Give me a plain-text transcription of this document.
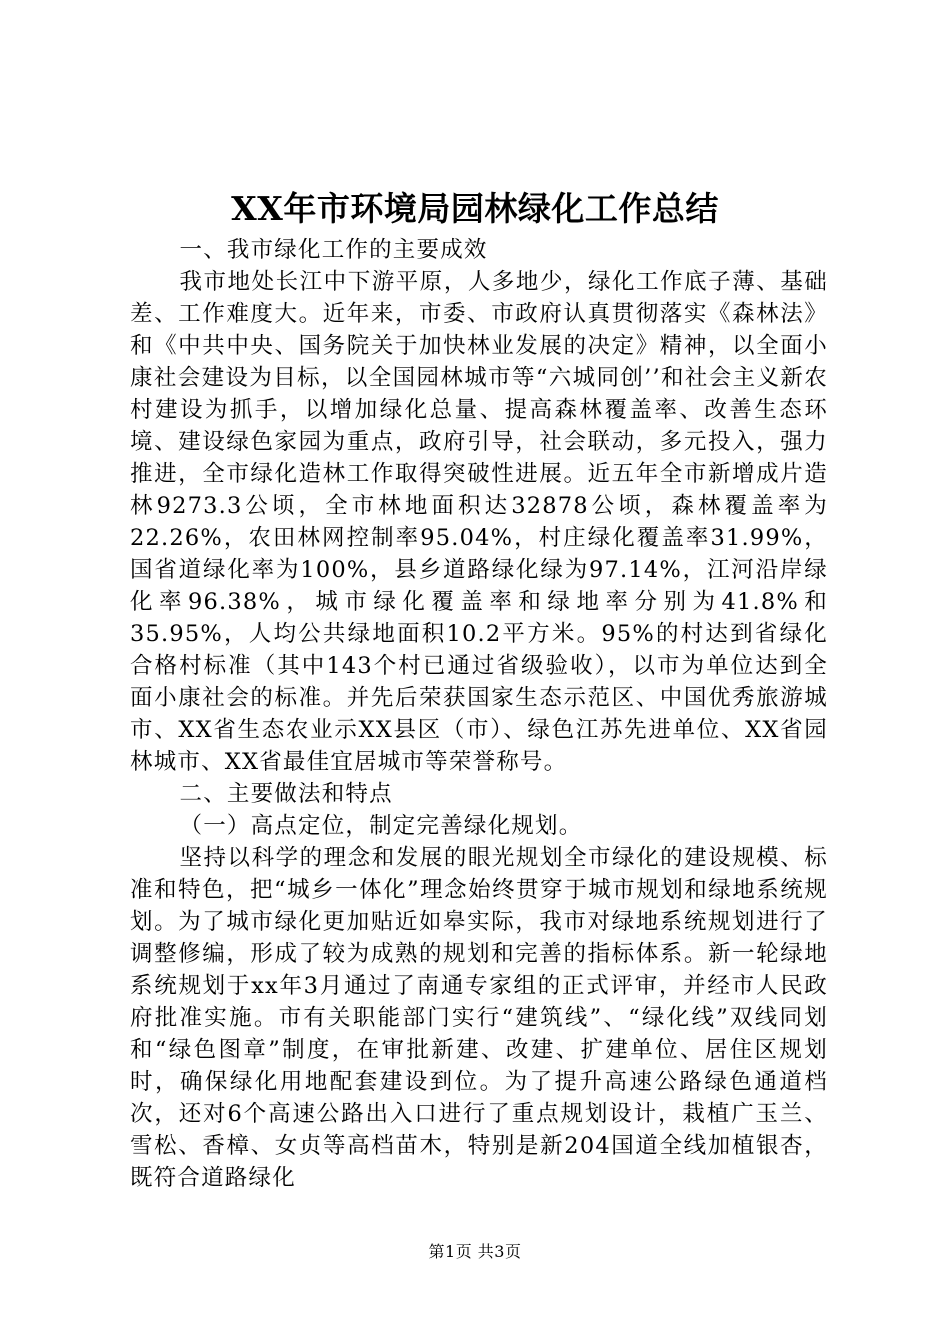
XX年市环境局园林绿化工作总结

一、我市绿化工作的主要成效

我市地处长江中下游平原，人多地少，绿化工作底子薄、基础差、工作难度大。近年来，市委、市政府认真贯彻落实《森林法》和《中共中央、国务院关于加快林业发展的决定》精神，以全面小康社会建设为目标，以全国园林城市等“六城同创’’和社会主义新农村建设为抓手，以增加绿化总量、提高森林覆盖率、改善生态环境、建设绿色家园为重点，政府引导，社会联动，多元投入，强力推进，全市绿化造林工作取得突破性进展。近五年全市新增成片造林9273.3公顷，全市林地面积达32878公顷，森林覆盖率为22.26%，农田林网控制率95.04%，村庄绿化覆盖率31.99%，国省道绿化率为100%，县乡道路绿化绿为97.14%，江河沿岸绿化率96.38%，城市绿化覆盖率和绿地率分别为41.8%和35.95%，人均公共绿地面积10.2平方米。95%的村达到省绿化合格村标准（其中143个村已通过省级验收），以市为单位达到全面小康社会的标准。并先后荣获国家生态示范区、中国优秀旅游城市、XX省生态农业示XX县区（市）、绿色江苏先进单位、XX省园林城市、XX省最佳宜居城市等荣誉称号。

二、主要做法和特点

（一）高点定位，制定完善绿化规划。

坚持以科学的理念和发展的眼光规划全市绿化的建设规模、标准和特色，把“城乡一体化”理念始终贯穿于城市规划和绿地系统规划。为了城市绿化更加贴近如皋实际，我市对绿地系统规划进行了调整修编，形成了较为成熟的规划和完善的指标体系。新一轮绿地系统规划于xx年3月通过了南通专家组的正式评审，并经市人民政府批准实施。市有关职能部门实行“建筑线”、“绿化线”双线同划和“绿色图章”制度，在审批新建、改建、扩建单位、居住区规划时，确保绿化用地配套建设到位。为了提升高速公路绿色通道档次，还对6个高速公路出入口进行了重点规划设计，栽植广玉兰、雪松、香樟、女贞等高档苗木，特别是新204国道全线加植银杏，既符合道路绿化

第1页 共3页
